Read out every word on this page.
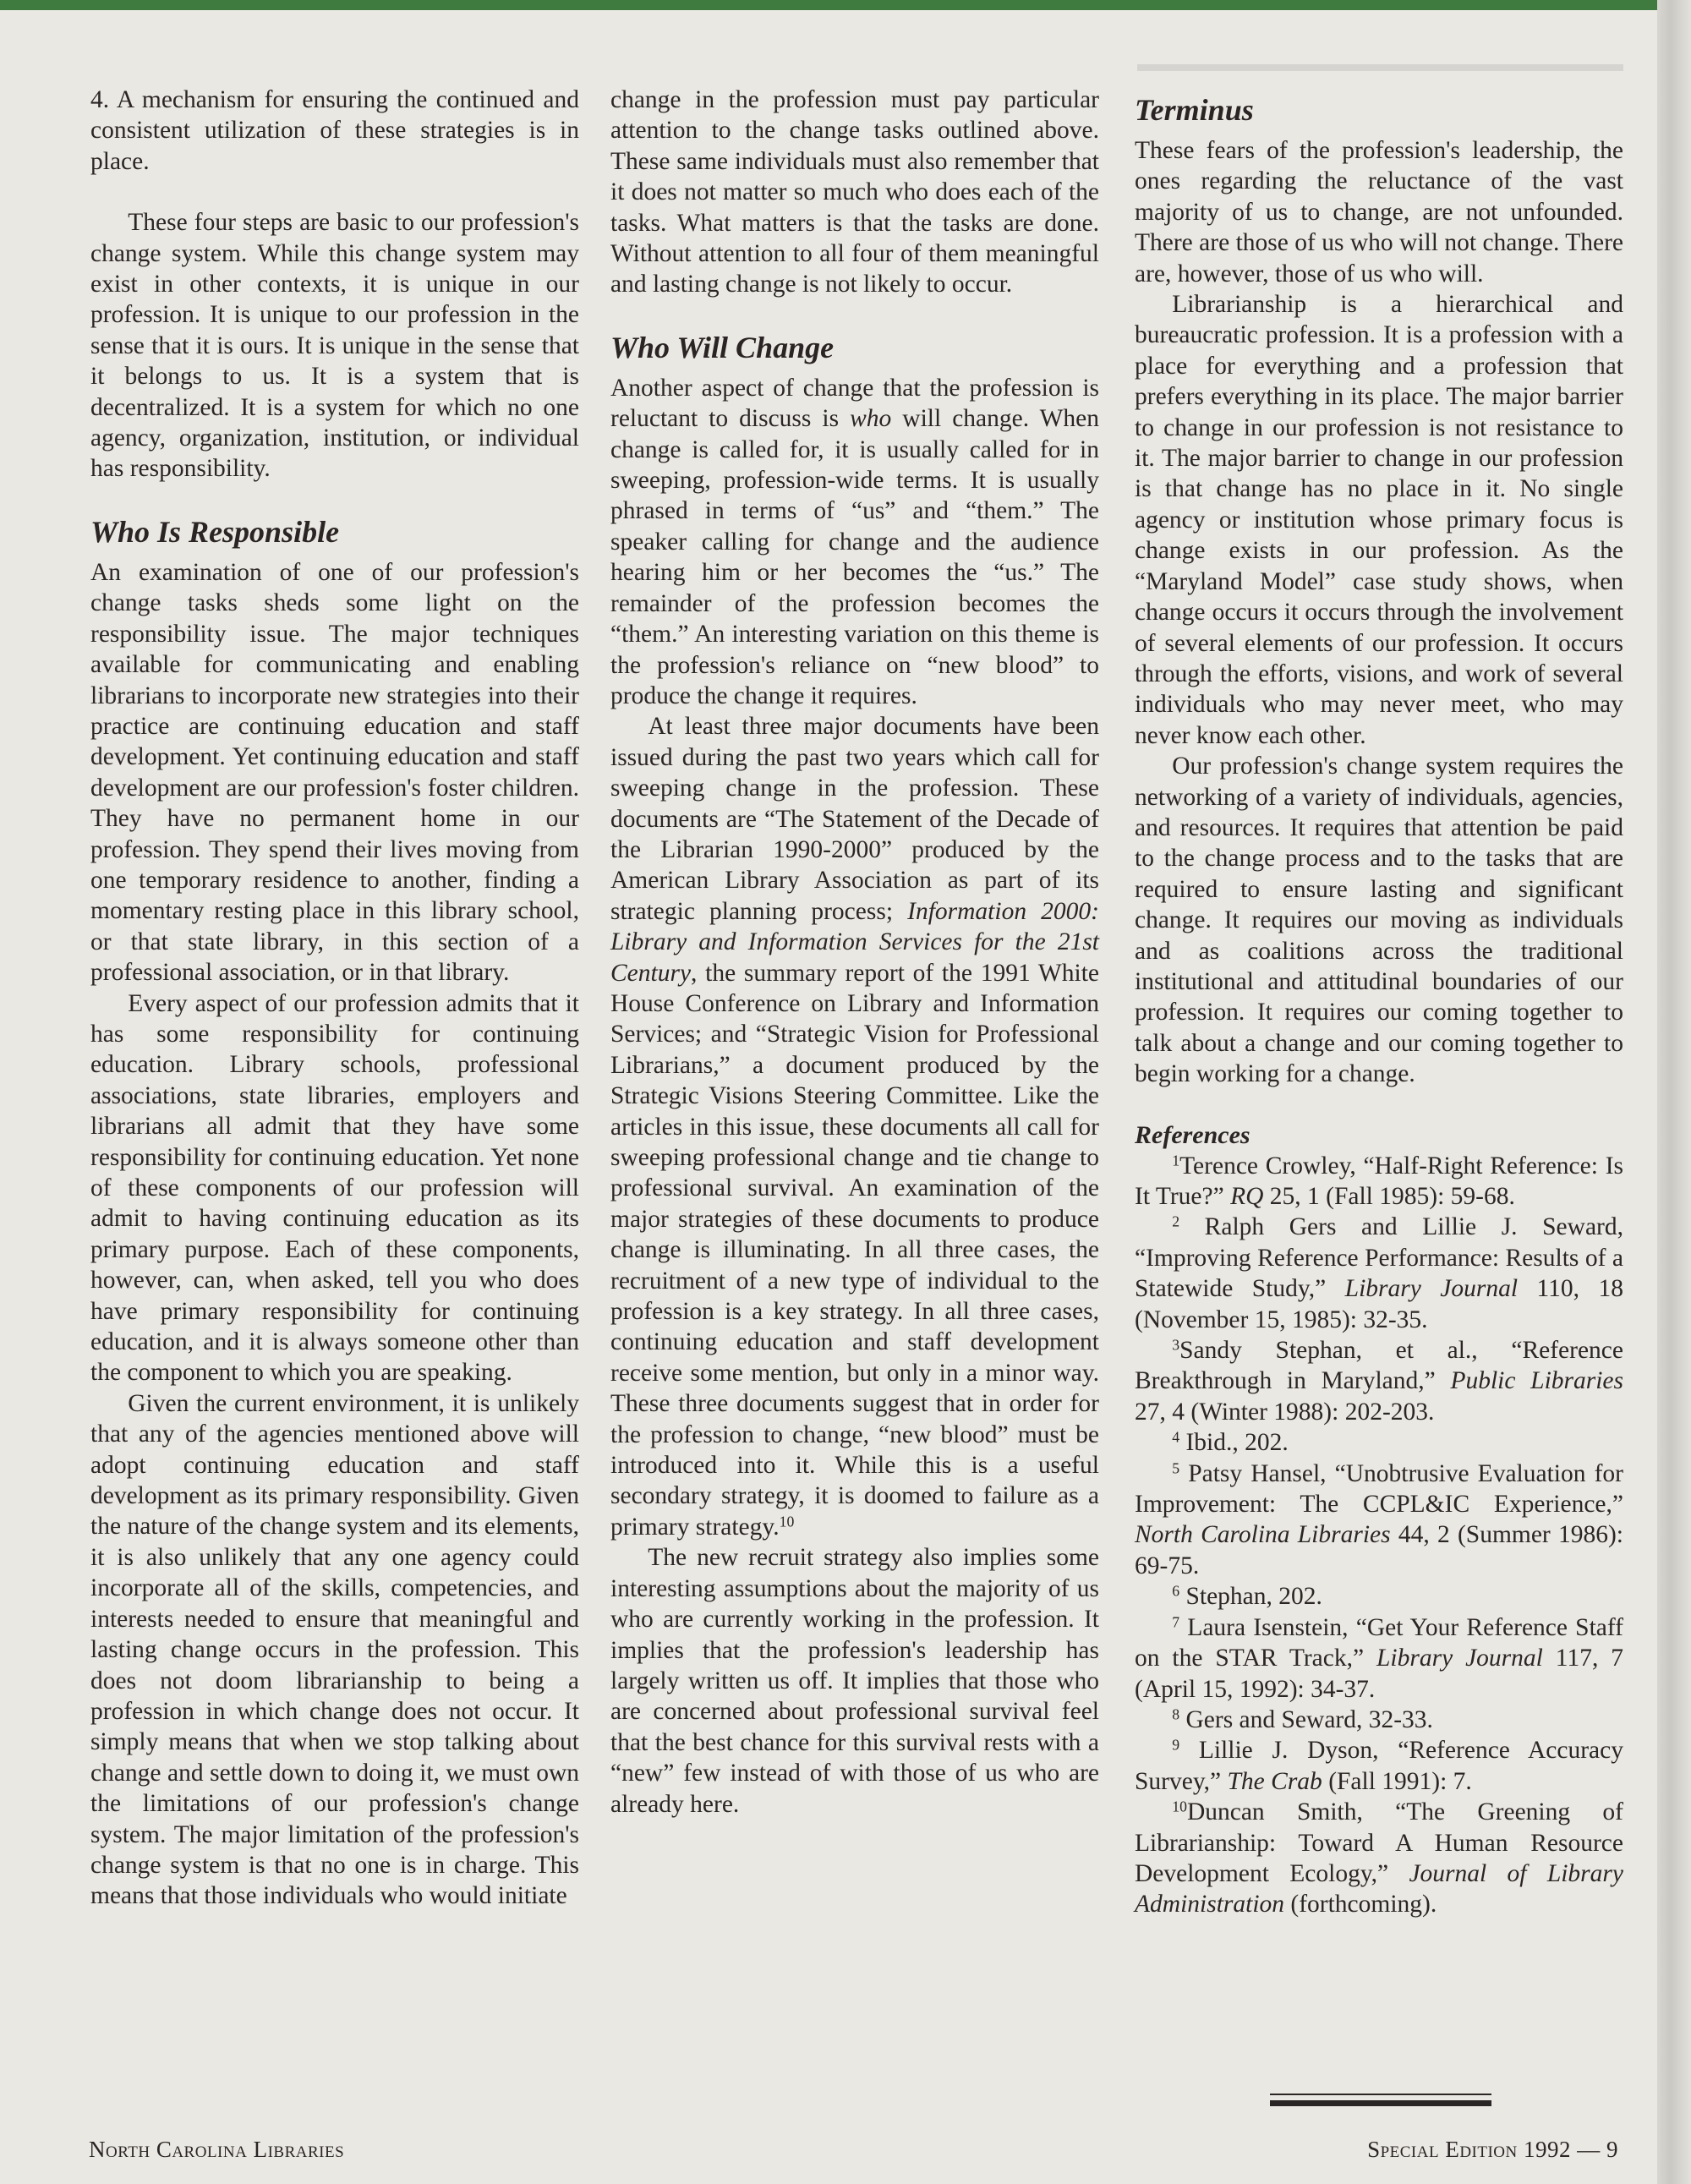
4. A mechanism for ensuring the continued and consistent utilization of these strategies is in place.

These four steps are basic to our profession's change system. While this change system may exist in other contexts, it is unique in our profession. It is unique to our profession in the sense that it is ours. It is unique in the sense that it belongs to us. It is a system that is decentralized. It is a system for which no one agency, organization, institution, or individual has responsibility.

Who Is Responsible

An examination of one of our profession's change tasks sheds some light on the responsibility issue. The major techniques available for communicating and enabling librarians to incorporate new strategies into their practice are continuing education and staff development. Yet continuing education and staff development are our profession's foster children. They have no permanent home in our profession. They spend their lives moving from one temporary residence to another, finding a momentary resting place in this library school, or that state library, in this section of a professional association, or in that library.

Every aspect of our profession admits that it has some responsibility for continuing education. Library schools, professional associations, state libraries, employers and librarians all admit that they have some responsibility for continuing education. Yet none of these components of our profession will admit to having continuing education as its primary purpose. Each of these components, however, can, when asked, tell you who does have primary responsibility for continuing education, and it is always someone other than the component to which you are speaking.

Given the current environment, it is unlikely that any of the agencies mentioned above will adopt continuing education and staff development as its primary responsibility. Given the nature of the change system and its elements, it is also unlikely that any one agency could incorporate all of the skills, competencies, and interests needed to ensure that meaningful and lasting change occurs in the profession. This does not doom librarianship to being a profession in which change does not occur. It simply means that when we stop talking about change and settle down to doing it, we must own the limitations of our profession's change system. The major limitation of the profession's change system is that no one is in charge. This means that those individuals who would initiate

change in the profession must pay particular attention to the change tasks outlined above. These same individuals must also remember that it does not matter so much who does each of the tasks. What matters is that the tasks are done. Without attention to all four of them meaningful and lasting change is not likely to occur.

Who Will Change

Another aspect of change that the profession is reluctant to discuss is who will change. When change is called for, it is usually called for in sweeping, profession-wide terms. It is usually phrased in terms of “us” and “them.” The speaker calling for change and the audience hearing him or her becomes the “us.” The remainder of the profession becomes the “them.” An interesting variation on this theme is the profession's reliance on “new blood” to produce the change it requires.

At least three major documents have been issued during the past two years which call for sweeping change in the profession. These documents are “The Statement of the Decade of the Librarian 1990-2000” produced by the American Library Association as part of its strategic planning process; Information 2000: Library and Information Services for the 21st Century, the summary report of the 1991 White House Conference on Library and Information Services; and “Strategic Vision for Professional Librarians,” a document produced by the Strategic Visions Steering Committee. Like the articles in this issue, these documents all call for sweeping professional change and tie change to professional survival. An examination of the major strategies of these documents to produce change is illuminating. In all three cases, the recruitment of a new type of individual to the profession is a key strategy. In all three cases, continuing education and staff development receive some mention, but only in a minor way. These three documents suggest that in order for the profession to change, “new blood” must be introduced into it. While this is a useful secondary strategy, it is doomed to failure as a primary strategy.$^{10}$

The new recruit strategy also implies some interesting assumptions about the majority of us who are currently working in the profession. It implies that the profession's leadership has largely written us off. It implies that those who are concerned about professional survival feel that the best chance for this survival rests with a “new” few instead of with those of us who are already here.

Terminus

These fears of the profession's leadership, the ones regarding the reluctance of the vast majority of us to change, are not unfounded. There are those of us who will not change. There are, however, those of us who will.

Librarianship is a hierarchical and bureaucratic profession. It is a profession with a place for everything and a profession that prefers everything in its place. The major barrier to change in our profession is not resistance to it. The major barrier to change in our profession is that change has no place in it. No single agency or institution whose primary focus is change exists in our profession. As the “Maryland Model” case study shows, when change occurs it occurs through the involvement of several elements of our profession. It occurs through the efforts, visions, and work of several individuals who may never meet, who may never know each other.

Our profession's change system requires the networking of a variety of individuals, agencies, and resources. It requires that attention be paid to the change process and to the tasks that are required to ensure lasting and significant change. It requires our moving as individuals and as coalitions across the traditional institutional and attitudinal boundaries of our profession. It requires our coming together to talk about a change and our coming together to begin working for a change.

References

$^1$Terence Crowley, “Half-Right Reference: Is It True?” RQ 25, 1 (Fall 1985): 59-68.

$^2$ Ralph Gers and Lillie J. Seward, “Improving Reference Performance: Results of a Statewide Study,” Library Journal 110, 18 (November 15, 1985): 32-35.

$^3$Sandy Stephan, et al., “Reference Breakthrough in Maryland,” Public Libraries 27, 4 (Winter 1988): 202-203.

$^4$ Ibid., 202.

$^5$ Patsy Hansel, “Unobtrusive Evaluation for Improvement: The CCPL&IC Experience,” North Carolina Libraries 44, 2 (Summer 1986): 69-75.

$^6$ Stephan, 202.

$^7$ Laura Isenstein, “Get Your Reference Staff on the STAR Track,” Library Journal 117, 7 (April 15, 1992): 34-37.

$^8$ Gers and Seward, 32-33.

$^9$ Lillie J. Dyson, “Reference Accuracy Survey,” The Crab (Fall 1991): 7.

$^{10}$Duncan Smith, “The Greening of Librarianship: Toward A Human Resource Development Ecology,” Journal of Library Administration (forthcoming).

North Carolina Libraries	Special Edition 1992 — 9
